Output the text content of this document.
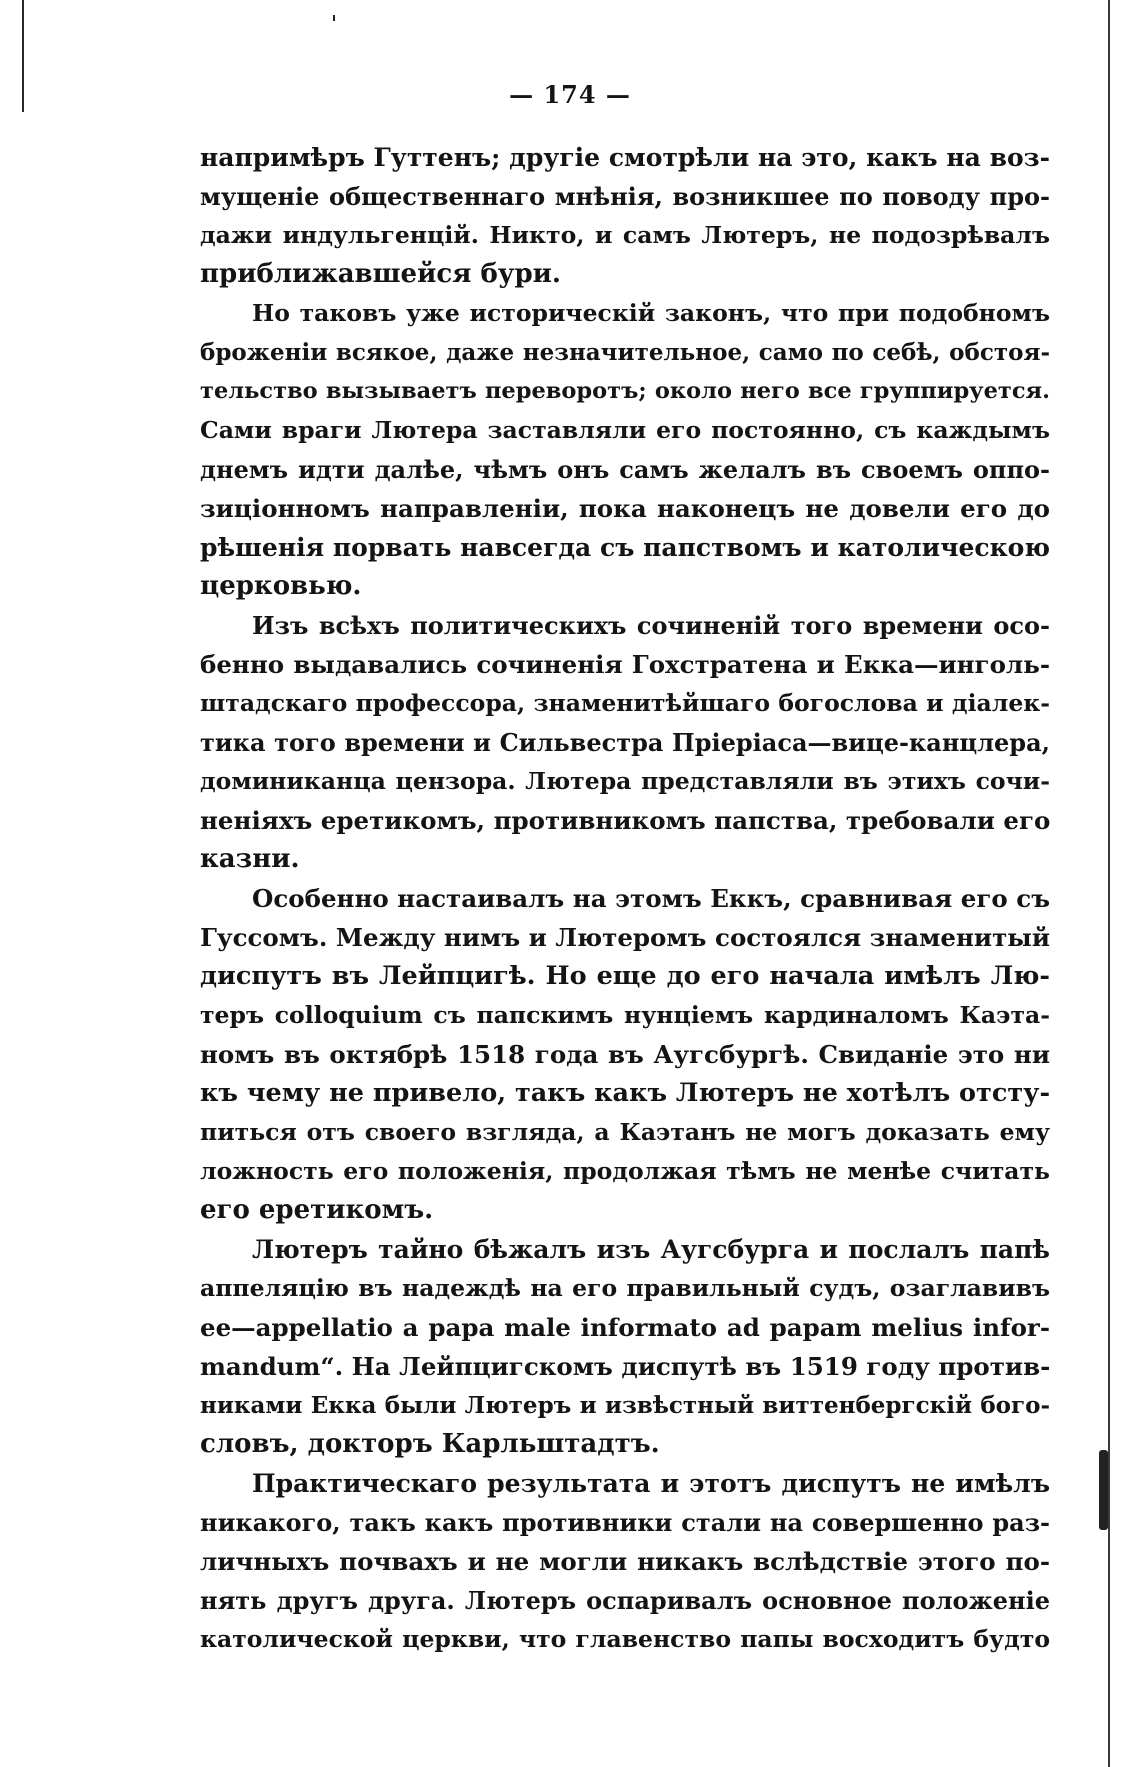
— 174 —
напримѣръ Гуттенъ; другіе смотрѣли на это, какъ на воз-
мущеніе общественнаго мнѣнія, возникшее по поводу про-
дажи индульгенцій. Никто, и самъ Лютеръ, не подозрѣвалъ
приближавшейся бури.
Но таковъ уже историческій законъ, что при подобномъ
броженіи всякое, даже незначительное, само по себѣ, обстоя-
тельство вызываетъ переворотъ; около него все группируется.
Сами враги Лютера заставляли его постоянно, съ каждымъ
днемъ идти далѣе, чѣмъ онъ самъ желалъ въ своемъ оппо-
зиціонномъ направленіи, пока наконецъ не довели его до
рѣшенія порвать навсегда съ папствомъ и католическою
церковью.
Изъ всѣхъ политическихъ сочиненій того времени осо-
бенно выдавались сочиненія Гохстратена и Екка—инголь-
штадскаго профессора, знаменитѣйшаго богослова и діалек-
тика того времени и Сильвестра Пріеріаса—вице-канцлера,
доминиканца цензора. Лютера представляли въ этихъ сочи-
неніяхъ еретикомъ, противникомъ папства, требовали его
казни.
Особенно настаивалъ на этомъ Еккъ, сравнивая его съ
Гуссомъ. Между нимъ и Лютеромъ состоялся знаменитый
диспутъ въ Лейпцигѣ. Но еще до его начала имѣлъ Лю-
теръ colloquium съ папскимъ нунціемъ кардиналомъ Каэта-
номъ въ октябрѣ 1518 года въ Аугсбургѣ. Свиданіе это ни
къ чему не привело, такъ какъ Лютеръ не хотѣлъ отсту-
питься отъ своего взгляда, а Каэтанъ не могъ доказать ему
ложность его положенія, продолжая тѣмъ не менѣе считать
его еретикомъ.
Лютеръ тайно бѣжалъ изъ Аугсбурга и послалъ папѣ
аппеляцію въ надеждѣ на его правильный судъ, озаглавивъ
ее—appellatio a papa male informato ad papam melius infor-
mandum“. На Лейпцигскомъ диспутѣ въ 1519 году против-
никами Екка были Лютеръ и извѣстный виттенбергскій бого-
словъ, докторъ Карльштадтъ.
Практическаго результата и этотъ диспутъ не имѣлъ
никакого, такъ какъ противники стали на совершенно раз-
личныхъ почвахъ и не могли никакъ вслѣдствіе этого по-
нять другъ друга. Лютеръ оспаривалъ основное положеніе
католической церкви, что главенство папы восходитъ будто
